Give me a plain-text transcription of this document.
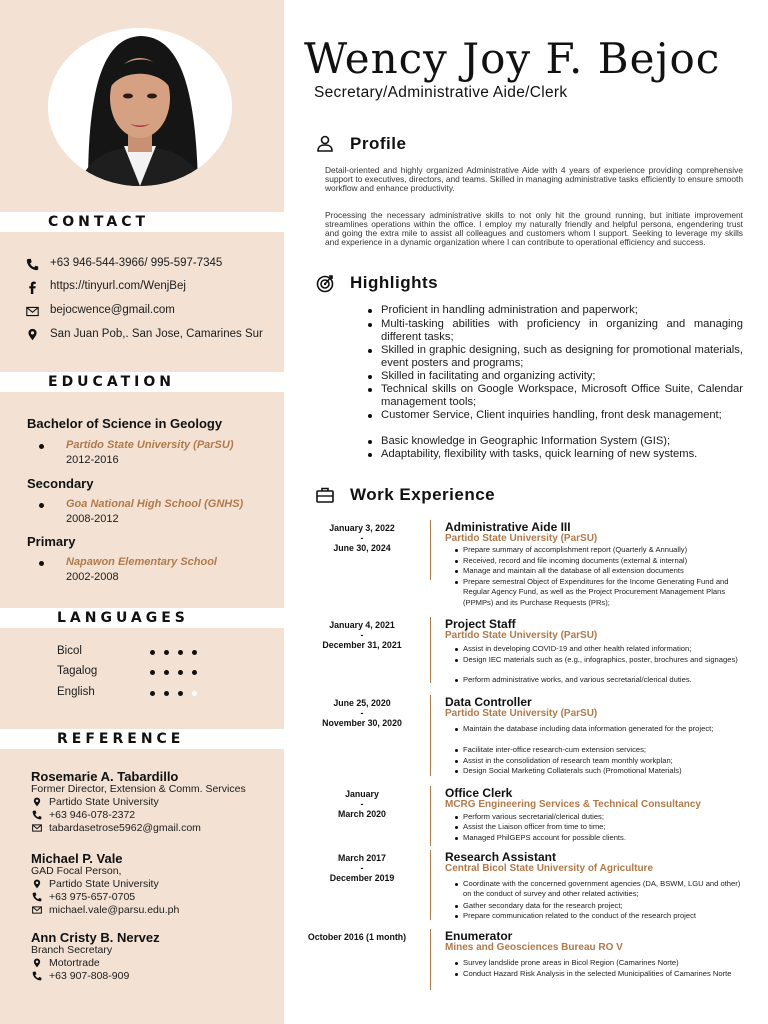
CONTACT
+63 946-544-3966/ 995-597-7345
https://tinyurl.com/WenjBej
bejocwence@gmail.com
San Juan Pob,. San Jose, Camarines Sur
EDUCATION
Bachelor of Science in Geology
Partido State University (ParSU)
2012-2016
Secondary
Goa National High School (GNHS)
2008-2012
Primary
Napawon Elementary School
2002-2008
LANGUAGES
Bicol
Tagalog
English
REFERENCE
Rosemarie A. Tabardillo
Former Director, Extension & Comm. Services
Partido State University
+63 946-078-2372
tabardasetrose5962@gmail.com
Michael P. Vale
GAD Focal Person,
Partido State University
+63 975-657-0705
michael.vale@parsu.edu.ph
Ann Cristy B. Nervez
Branch Secretary
Motortrade
+63 907-808-909
Wency Joy F. Bejoc
Secretary/Administrative Aide/Clerk
Profile
Detail-oriented and highly organized Administrative Aide with 4 years of experience providing comprehensive support to executives, directors, and teams. Skilled in managing administrative tasks efficiently to ensure smooth workflow and enhance productivity.
Processing the necessary administrative skills to not only hit the ground running, but initiate improvement streamlines operations within the office. I employ my naturally friendly and helpful persona, engendering trust and going the extra mile to assist all colleagues and customers whom I support. Seeking to leverage my skills and experience in a dynamic organization where I can contribute to operational efficiency and success.
Highlights
Proficient in handling administration and paperwork;
Multi-tasking abilities with proficiency in organizing and managing different tasks;
Skilled in graphic designing, such as designing for promotional materials, event posters and programs;
Skilled in facilitating and organizing activity;
Technical skills on Google Workspace, Microsoft Office Suite, Calendar management tools;
Customer Service, Client inquiries handling, front desk management;
Basic knowledge in Geographic Information System (GIS);
Adaptability, flexibility with tasks, quick learning of new systems.
Work Experience
January 3, 2022
-
June 30, 2024
Administrative Aide III
Partido State University (ParSU)
Prepare summary of accomplishment report (Quarterly & Annually)
Received, record and file incoming documents (external & internal)
Manage and maintain all the database of all extension documents
Prepare semestral Object of Expenditures for the Income Generating Fund and Regular Agency Fund, as well as the Project Procurement Management Plans (PPMPs) and its Purchase Requests (PRs);
January 4, 2021
-
December 31, 2021
Project Staff
Partido State University (ParSU)
Assist in developing COVID-19 and other health related information;
Design IEC materials such as (e.g., infographics, poster, brochures and signages)
Perform administrative works, and various secretarial/clerical duties.
June 25, 2020
-
November 30, 2020
Data Controller
Partido State University (ParSU)
Maintain the database including data information generated for the project;
Facilitate inter-office research-cum extension services;
Assist in the consolidation of research team monthly workplan;
Design Social Marketing Collaterals such (Promotional Materials)
January
-
March 2020
Office Clerk
MCRG Engineering Services & Technical Consultancy
Perform various secretarial/clerical duties;
Assist the Liaison officer from time to time;
Managed PhilGEPS account for possible clients.
March 2017
-
December 2019
Research Assistant
Central Bicol State University of Agriculture
Coordinate with the concerned government agencies (DA, BSWM, LGU and other) on the conduct of survey and other related activities;
Gather secondary data for the research project;
Prepare communication related to the conduct of the research project
October 2016 (1 month)	Enumerator
Mines and Geosciences Bureau RO V
Survey landslide prone areas in Bicol Region (Camarines Norte)
Conduct Hazard Risk Analysis in the selected Municipalities of Camarines Norte
